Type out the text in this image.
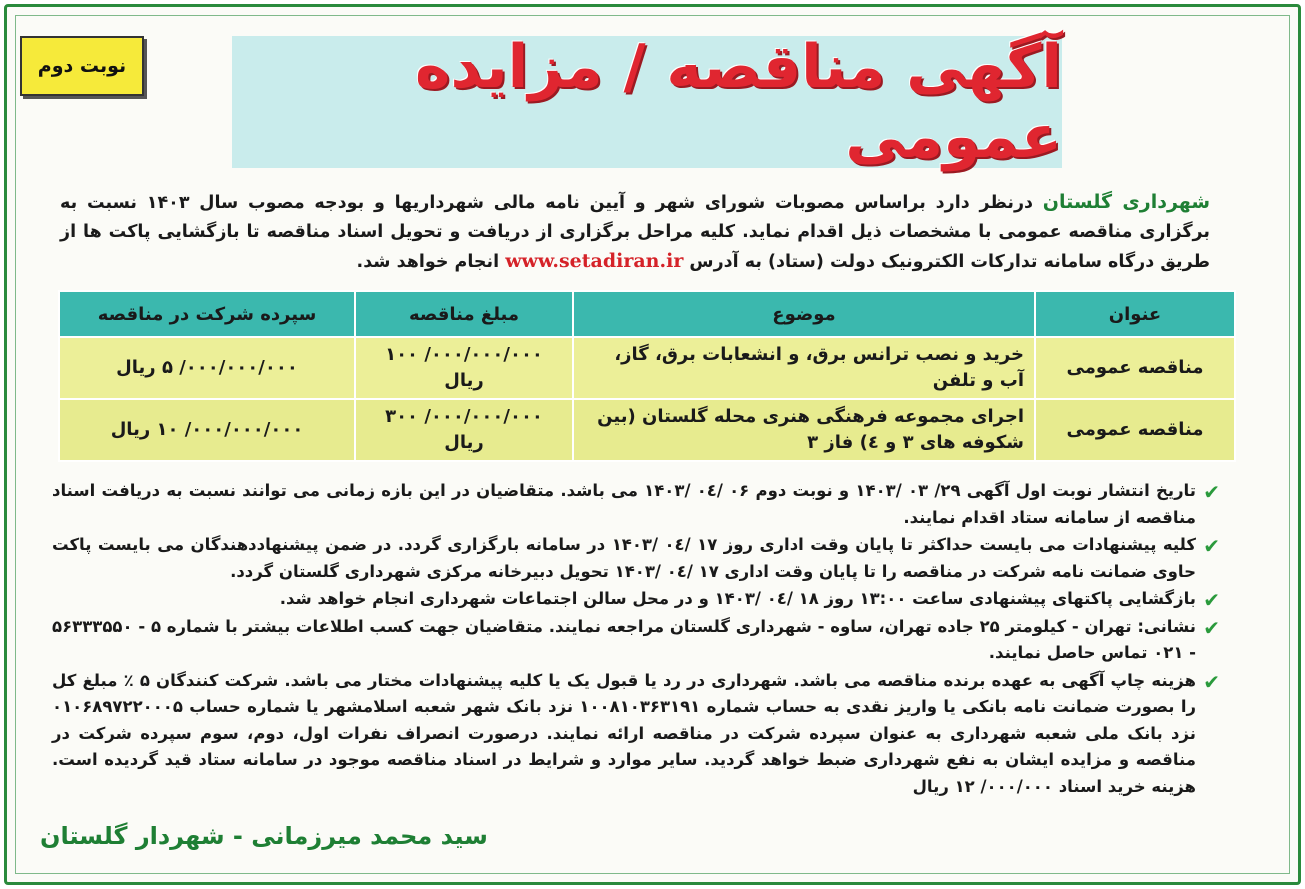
نوبت دوم	آگهی مناقصه / مزایده عمومی
شهرداری گلستان درنظر دارد براساس مصوبات شورای شهر و آیین نامه مالی شهرداریها و بودجه مصوب سال ۱۴۰۳ نسبت به برگزاری مناقصه عمومی با مشخصات ذیل اقدام نماید. کلیه مراحل برگزاری از دریافت و تحویل اسناد مناقصه تا بازگشایی پاکت ها از طریق درگاه سامانه تدارکات الکترونیک دولت (ستاد) به آدرس www.setadiran.ir انجام خواهد شد.
عنوان	موضوع	مبلغ مناقصه	سپرده شرکت در مناقصه
مناقصه عمومی	خرید و نصب ترانس برق، و انشعابات برق، گاز، آب و تلفن	۰۰۰/۰۰۰/۰۰۰/ ۱۰۰ ریال	۰۰۰/۰۰۰/۰۰۰/ ۵ ریال
مناقصه عمومی	اجرای مجموعه فرهنگی هنری محله گلستان (بین شکوفه های ۳ و ٤) فاز ۳	۰۰۰/۰۰۰/۰۰۰/ ۳۰۰ ریال	۰۰۰/۰۰۰/۰۰۰/ ۱۰ ریال
✔
تاریخ انتشار نوبت اول آگهی ۲۹/ ۰۳ /۱۴۰۳ و نوبت دوم ۰۶ /۰٤ /۱۴۰۳ می باشد. متقاضیان در این بازه زمانی می توانند نسبت به دریافت اسناد مناقصه از سامانه ستاد اقدام نمایند.
✔
کلیه پیشنهادات می بایست حداکثر تا پایان وقت اداری روز ۱۷ /۰٤ /۱۴۰۳ در سامانه بارگزاری گردد. در ضمن پیشنهاددهندگان می بایست پاکت حاوی ضمانت نامه شرکت در مناقصه را تا پایان وقت اداری ۱۷ /۰٤ /۱۴۰۳ تحویل دبیرخانه مرکزی شهرداری گلستان گردد.
✔
بازگشایی پاکتهای پیشنهادی ساعت ۱۳:۰۰ روز ۱۸ /۰٤ /۱۴۰۳ و در محل سالن اجتماعات شهرداری انجام خواهد شد.
✔
نشانی: تهران - کیلومتر ۲۵ جاده تهران، ساوه - شهرداری گلستان مراجعه نمایند. متقاضیان جهت کسب اطلاعات بیشتر با شماره ۵ - ۵۶۳۳۳۵۵۰ - ۰۲۱ تماس حاصل نمایند.
✔
هزینه چاپ آگهی به عهده برنده مناقصه می باشد. شهرداری در رد یا قبول یک یا کلیه پیشنهادات مختار می باشد. شرکت کنندگان ۵ ٪ مبلغ کل را بصورت ضمانت نامه بانکی یا واریز نقدی به حساب شماره ۱۰۰۸۱۰۳۶۳۱۹۱ نزد بانک شهر شعبه اسلامشهر یا شماره حساب ۰۱۰۶۸۹۷۲۲۰۰۰۵ نزد بانک ملی شعبه شهرداری به عنوان سپرده شرکت در مناقصه ارائه نمایند. درصورت انصراف نفرات اول، دوم، سوم سپرده شرکت در مناقصه و مزایده ایشان به نفع شهرداری ضبط خواهد گردید. سایر موارد و شرایط در اسناد مناقصه موجود در سامانه ستاد قید گردیده است. هزینه خرید اسناد ۰۰۰/۰۰۰/ ۱۲ ریال
سید محمد میرزمانی - شهردار گلستان
